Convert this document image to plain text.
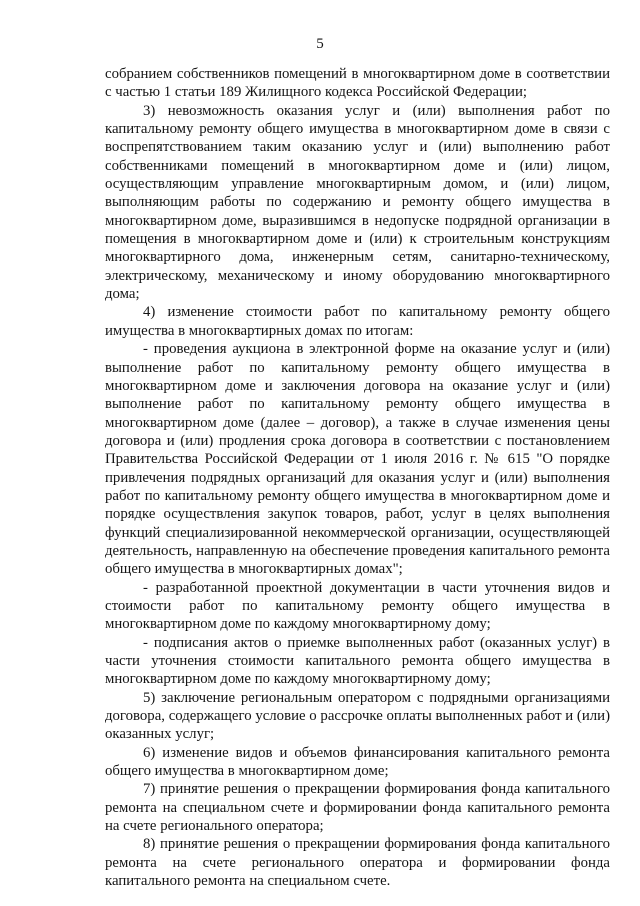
5

собранием собственников помещений в многоквартирном доме в соответствии с частью 1 статьи 189 Жилищного кодекса Российской Федерации;

3) невозможность оказания услуг и (или) выполнения работ по капитальному ремонту общего имущества в многоквартирном доме в связи с воспрепятствованием таким оказанию услуг и (или) выполнению работ собственниками помещений в многоквартирном доме и (или) лицом, осуществляющим управление многоквартирным домом, и (или) лицом, выполняющим работы по содержанию и ремонту общего имущества в многоквартирном доме, выразившимся в недопуске подрядной организации в помещения в многоквартирном доме и (или) к строительным конструкциям многоквартирного дома, инженерным сетям, санитарно-техническому, электрическому, механическому и иному оборудованию многоквартирного дома;

4) изменение стоимости работ по капитальному ремонту общего имущества в многоквартирных домах по итогам:

- проведения аукциона в электронной форме на оказание услуг и (или) выполнение работ по капитальному ремонту общего имущества в многоквартирном доме и заключения договора на оказание услуг и (или) выполнение работ по капитальному ремонту общего имущества в многоквартирном доме (далее – договор), а также в случае изменения цены договора и (или) продления срока договора в соответствии с постановлением Правительства Российской Федерации от 1 июля 2016 г. № 615 "О порядке привлечения подрядных организаций для оказания услуг и (или) выполнения работ по капитальному ремонту общего имущества в многоквартирном доме и порядке осуществления закупок товаров, работ, услуг в целях выполнения функций специализированной некоммерческой организации, осуществляющей деятельность, направленную на обеспечение проведения капитального ремонта общего имущества в многоквартирных домах";

- разработанной проектной документации в части уточнения видов и стоимости работ по капитальному ремонту общего имущества в многоквартирном доме по каждому многоквартирному дому;

- подписания актов о приемке выполненных работ (оказанных услуг) в части уточнения стоимости капитального ремонта общего имущества в многоквартирном доме по каждому многоквартирному дому;

5) заключение региональным оператором с подрядными организациями договора, содержащего условие о рассрочке оплаты выполненных работ и (или) оказанных услуг;

6) изменение видов и объемов финансирования капитального ремонта общего имущества в многоквартирном доме;

7) принятие решения о прекращении формирования фонда капитального ремонта на специальном счете и формировании фонда капитального ремонта на счете регионального оператора;

8) принятие решения о прекращении формирования фонда капитального ремонта на счете регионального оператора и формировании фонда капитального ремонта на специальном счете.
